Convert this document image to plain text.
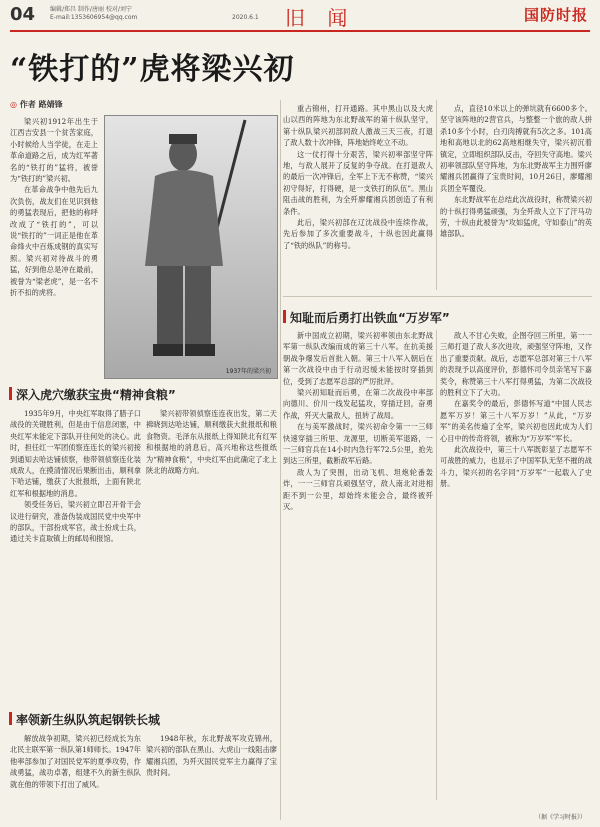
04 编辑/郑昌 制作/唐丽 校对/刘宁
E-mail:1353606954@qq.com	2020.6.1 旧 闻	国防时报
“铁打的”虎将梁兴初
◎ 作者 路婧锋

梁兴初1912年出生于江西吉安县一个贫苦家庭，小时候给人当学徒，在走上革命道路之后，成为红军著名的“铁打的”猛将，被誉为“铁打的”梁兴初。

在革命战争中他先后九次负伤，战友们在见识到他的勇猛表现后，把他的称呼改成了“铁打的”，可以说“铁打的”一词正是他在革命烽火中百炼成钢的真实写照。梁兴初对待战斗的勇猛，好到他总是冲在最前，被誉为“梁老虎”，是一名不折不扣的虎将。

1937年的梁兴初
深入虎穴缴获宝贵“精神食粮”

1935年9月，中央红军取得了腊子口战役的关键胜利，但是由于信息闭塞，中央红军未能定下部队开往何处的决心。此时，担任红一军团侦察连连长的梁兴初接到通知去哈达铺侦察，他带领侦察连化装成敌人，在摸清情况后果断出击，顺利拿下哈达铺，缴获了大批报纸，上面有陕北红军和根据地的消息。

领受任务后，梁兴初立即召开骨干会议进行研究，准备伪装成国民党中央军中的部队，干部扮成军官，战士扮成士兵，通过关卡直取镇上的邮局和报馆。

梁兴初带领侦察连连夜出发，第二天拂晓到达哈达铺，顺利缴获大批报纸和粮食物资。毛泽东从报纸上得知陕北有红军和根据地的消息后，高兴地称这些报纸为“精神食粮”，中央红军由此确定了北上陕北的战略方向。

率领新生纵队筑起钢铁长城

解放战争初期，梁兴初已经成长为东北民主联军第一纵队第1师师长。1947年他率部参加了对国民党军的夏季攻势，作战勇猛，战功卓著，组建不久的新生纵队就在他的带领下打出了威风。

1948年秋，东北野战军攻克锦州，梁兴初的部队在黑山、大虎山一线阻击廖耀湘兵团，为歼灭国民党军主力赢得了宝贵时间。

重占锦州，打开通路。其中黑山以及大虎山以西的阵地为东北野战军的第十纵队坚守，第十纵队梁兴初部同敌人激战三天三夜，打退了敌人数十次冲锋，阵地始终屹立不动。

这一仗打得十分艰苦，梁兴初率部坚守阵地，与敌人展开了反复的争夺战。在打退敌人的最后一次冲锋后，全军上下无不称赞，“梁兴初守得好，打得硬，是一支铁打的队伍”。黑山阻击战的胜利，为全歼廖耀湘兵团创造了有利条件。

此后，梁兴初部在辽沈战役中连续作战，先后参加了多次重要战斗，十纵也因此赢得了“铁的纵队”的称号。

点，直径10米以上的弹坑就有6600多个。坚守该阵地的2营官兵，与整整一个旅的敌人拼杀10多个小时，白刃肉搏就有5次之多。101高地和高地以北的62高地相继失守，梁兴初沉着镇定，立即组织部队反击，夺回失守高地。梁兴初率领部队坚守阵地，为东北野战军主力围歼廖耀湘兵团赢得了宝贵时间，10月26日，廖耀湘兵团全军覆没。

东北野战军在总结此次战役时，称赞梁兴初的十纵打得勇猛顽强，为全歼敌人立下了汗马功劳，十纵由此被誉为“攻如猛虎，守如泰山”的英雄部队。

知耻而后勇打出铁血“万岁军”

新中国成立初期，梁兴初率领由东北野战军第一纵队改编而成的第三十八军。在抗美援朝战争爆发后首批入朝。第三十八军入朝后在第一次战役中由于行动迟缓未能按时穿插到位，受到了志愿军总部的严厉批评。

梁兴初知耻而后勇，在第二次战役中率部向德川、价川一线发起猛攻，穿插迂回，奋勇作战，歼灭大量敌人，扭转了战局。

在与美军激战时，梁兴初命令第一一三师快速穿插三所里、龙源里，切断美军退路，一一三师官兵在14小时内急行军72.5公里，抢先到达三所里，截断敌军后路。

敌人为了突围，出动飞机、坦炮轮番轰炸，一一三师官兵顽强坚守，敌人南北对进相距不到一公里，却始终未能会合，最终被歼灭。

敌人不甘心失败，企图夺回三所里，第一一三师打退了敌人多次进攻，顽强坚守阵地，又作出了重要贡献。战后，志愿军总部对第三十八军的表现予以高度评价，彭德怀司令员亲笔写下嘉奖令，称赞第三十八军打得勇猛，为第二次战役的胜利立下了大功。

在嘉奖令的最后，彭德怀写道“中国人民志愿军万岁！第三十八军万岁！”从此，“万岁军”的美名传遍了全军，梁兴初也因此成为人们心目中的传奇将领，被称为“万岁军”军长。

此次战役中，第三十八军既彰显了志愿军不可战胜的威力，也显示了中国军队无坚不摧的战斗力，梁兴初的名字同“万岁军”一起载入了史册。

（据《学习时报》）
